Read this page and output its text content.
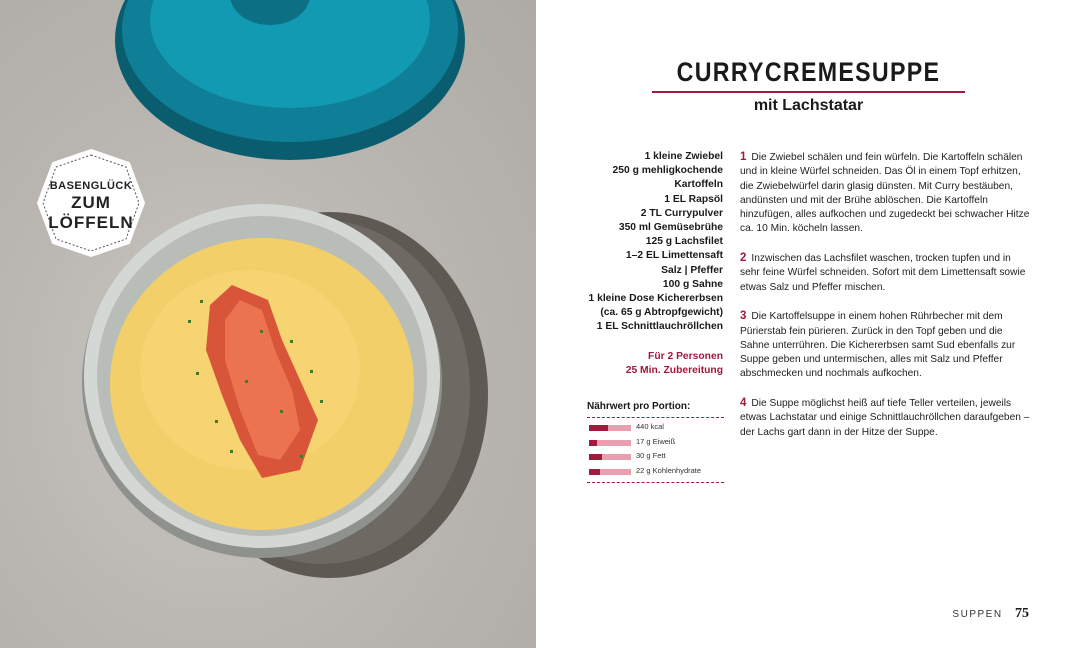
BASENGLÜCK
ZUM
LÖFFELN
CURRYCREMESUPPE
mit Lachstatar
1 kleine Zwiebel
250 g mehligkochende
Kartoffeln
1 EL Rapsöl
2 TL Currypulver
350 ml Gemüsebrühe
125 g Lachsfilet
1–2 EL Limettensaft
Salz | Pfeffer
100 g Sahne
1 kleine Dose Kichererbsen
(ca. 65 g Abtropfgewicht)
1 EL Schnittlauchröllchen
Für 2 Personen
25 Min. Zubereitung
Nährwert pro Portion:
440 kcal
17 g Eiweiß
30 g Fett
22 g Kohlenhydrate
1 Die Zwiebel schälen und fein würfeln. Die Kartoffeln schälen und in kleine Würfel schneiden. Das Öl in einem Topf erhitzen, die Zwiebelwürfel darin glasig dünsten. Mit Curry bestäuben, andünsten und mit der Brühe ablöschen. Die Kartoffeln hinzufügen, alles aufkochen und zugedeckt bei schwacher Hitze ca. 10 Min. köcheln lassen.
2 Inzwischen das Lachsfilet waschen, trocken tupfen und in sehr feine Würfel schneiden. Sofort mit dem Limettensaft sowie etwas Salz und Pfeffer mischen.
3 Die Kartoffelsuppe in einem hohen Rührbecher mit dem Pürierstab fein pürieren. Zurück in den Topf geben und die Sahne unterrühren. Die Kichererbsen samt Sud ebenfalls zur Suppe geben und untermischen, alles mit Salz und Pfeffer abschmecken und nochmals aufkochen.
4 Die Suppe möglichst heiß auf tiefe Teller verteilen, jeweils etwas Lachstatar und einige Schnittlauchröllchen daraufgeben – der Lachs gart dann in der Hitze der Suppe.
SUPPEN 75
